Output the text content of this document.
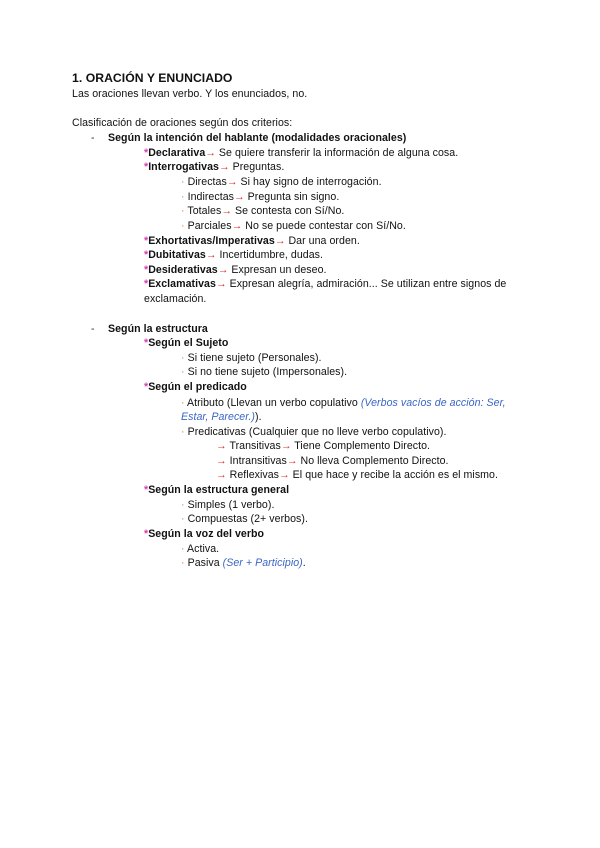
1. ORACIÓN Y ENUNCIADO
Las oraciones llevan verbo. Y los enunciados, no.
Clasificación de oraciones según dos criterios:
- Según la intención del hablante (modalidades oracionales)
*Declarativa→ Se quiere transferir la información de alguna cosa.
*Interrogativas→ Preguntas.
· Directas→ Si hay signo de interrogación.
· Indirectas→ Pregunta sin signo.
· Totales→ Se contesta con Sí/No.
· Parciales→ No se puede contestar con Sí/No.
*Exhortativas/Imperativas→ Dar una orden.
*Dubitativas→ Incertidumbre, dudas.
*Desiderativas→ Expresan un deseo.
*Exclamativas→ Expresan alegría, admiración... Se utilizan entre signos de
exclamación.
- Según la estructura
*Según el Sujeto
· Si tiene sujeto (Personales).
· Si no tiene sujeto (Impersonales).
*Según el predicado
· Atributo (Llevan un verbo copulativo (Verbos vacíos de acción: Ser,
Estar, Parecer.)).
· Predicativas (Cualquier que no lleve verbo copulativo).
→ Transitivas→ Tiene Complemento Directo.
→ Intransitivas→ No lleva Complemento Directo.
→ Reflexivas→ El que hace y recibe la acción es el mismo.
*Según la estructura general
· Simples (1 verbo).
· Compuestas (2+ verbos).
*Según la voz del verbo
· Activa.
· Pasiva (Ser + Participio).
